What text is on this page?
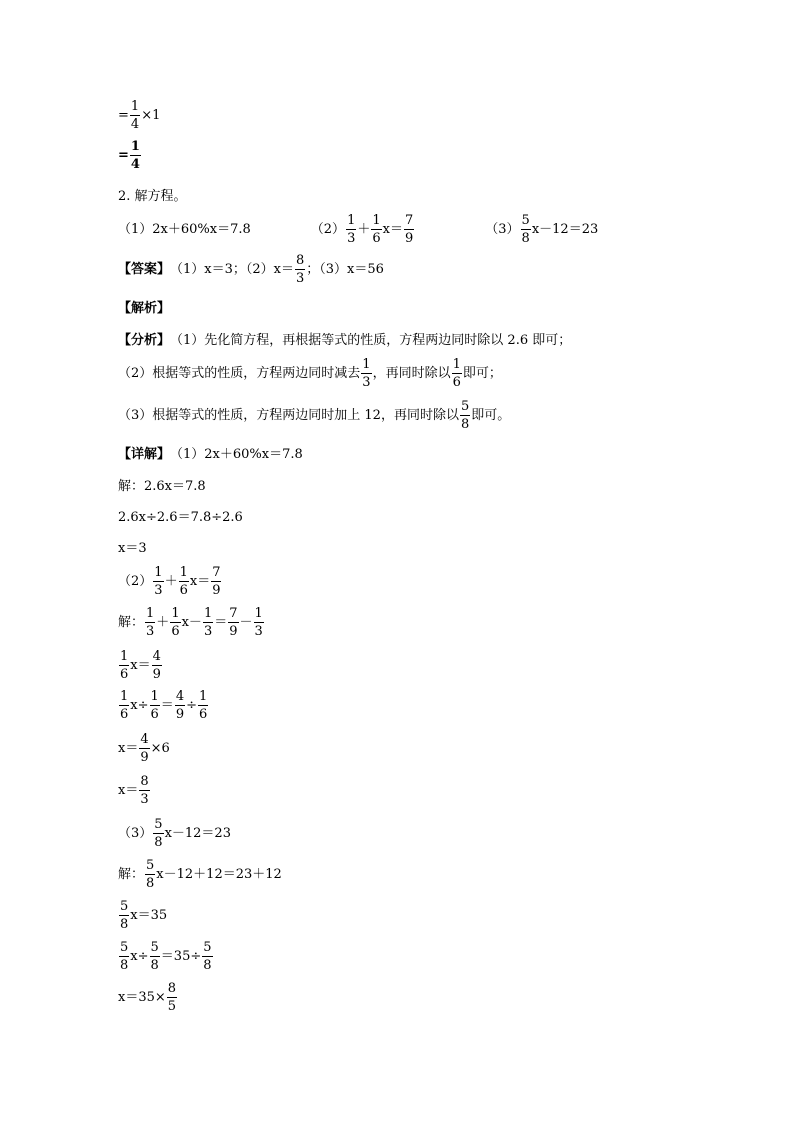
= $\frac{1}{4} \times 1$
= $\frac{1}{4}$
2. 解方程。
（1）2x＋60%x＝7.8	$(2) \frac{1}{3} + \frac{1}{6} x= \frac{7}{9}$	$(3) \frac{5}{8} x-12=23$
【答案】 （1）x＝3；$(2)x= \frac{8}{3}$ ；（3）x＝56
【解析】
【分析】 （1）先化简方程，再根据等式的性质，方程两边同时除以 2.6 即可；
（2）根据等式的性质，方程两边同时减去 $\frac{1}{3}$ ，再同时除以 $\frac{1}{6}$ 即可；
（3）根据等式的性质，方程两边同时加上 12，再同时除以 $\frac{5}{8}$ 即可。
【详解】 （1）2x＋60%x＝7.8
解：2.6x＝7.8
2.6x÷2.6＝7.8÷2.6
x＝3
$(2) \frac{1}{3} + \frac{1}{6} x= \frac{7}{9}$
解： $\frac{1}{3} + \frac{1}{6} x- \frac{1}{3} = \frac{7}{9} - \frac{1}{3}$
$\frac{1}{6} x= \frac{4}{9}$
$\frac{1}{6} x\div \frac{1}{6} = \frac{4}{9} \div \frac{1}{6}$
$x= \frac{4}{9} \times 6$
$x= \frac{8}{3}$
$(3) \frac{5}{8} x-12=23$
解： $\frac{5}{8} x-12+12=23+12$
$\frac{5}{8} x=35$
$\frac{5}{8} x\div \frac{5}{8} =35\div \frac{5}{8}$
$x=35\times \frac{8}{5}$
